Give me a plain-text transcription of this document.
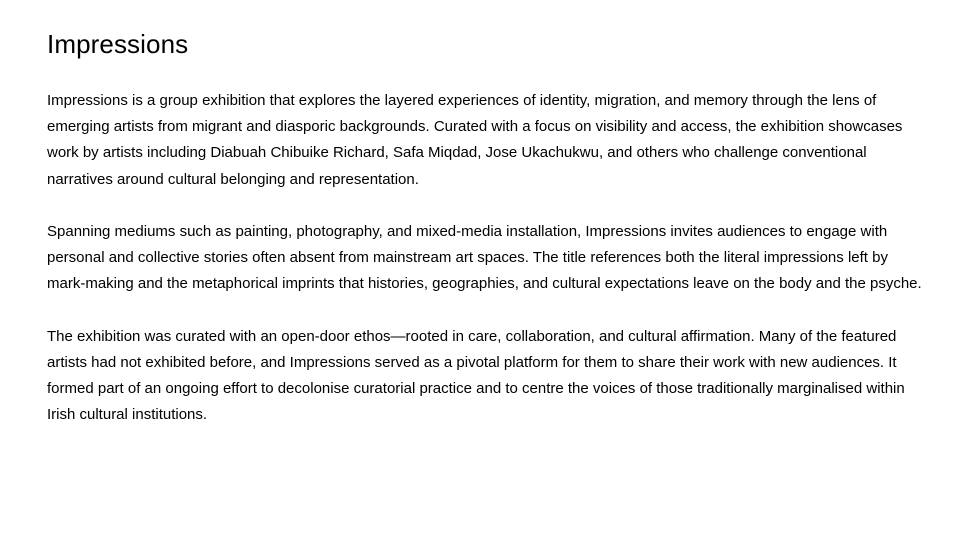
Impressions

Impressions is a group exhibition that explores the layered experiences of identity, migration, and memory through the lens of emerging artists from migrant and diasporic backgrounds. Curated with a focus on visibility and access, the exhibition showcases work by artists including Diabuah Chibuike Richard, Safa Miqdad, Jose Ukachukwu, and others who challenge conventional narratives around cultural belonging and representation.

Spanning mediums such as painting, photography, and mixed-media installation, Impressions invites audiences to engage with personal and collective stories often absent from mainstream art spaces. The title references both the literal impressions left by mark-making and the metaphorical imprints that histories, geographies, and cultural expectations leave on the body and the psyche.

The exhibition was curated with an open-door ethos—rooted in care, collaboration, and cultural affirmation. Many of the featured artists had not exhibited before, and Impressions served as a pivotal platform for them to share their work with new audiences. It formed part of an ongoing effort to decolonise curatorial practice and to centre the voices of those traditionally marginalised within Irish cultural institutions.
